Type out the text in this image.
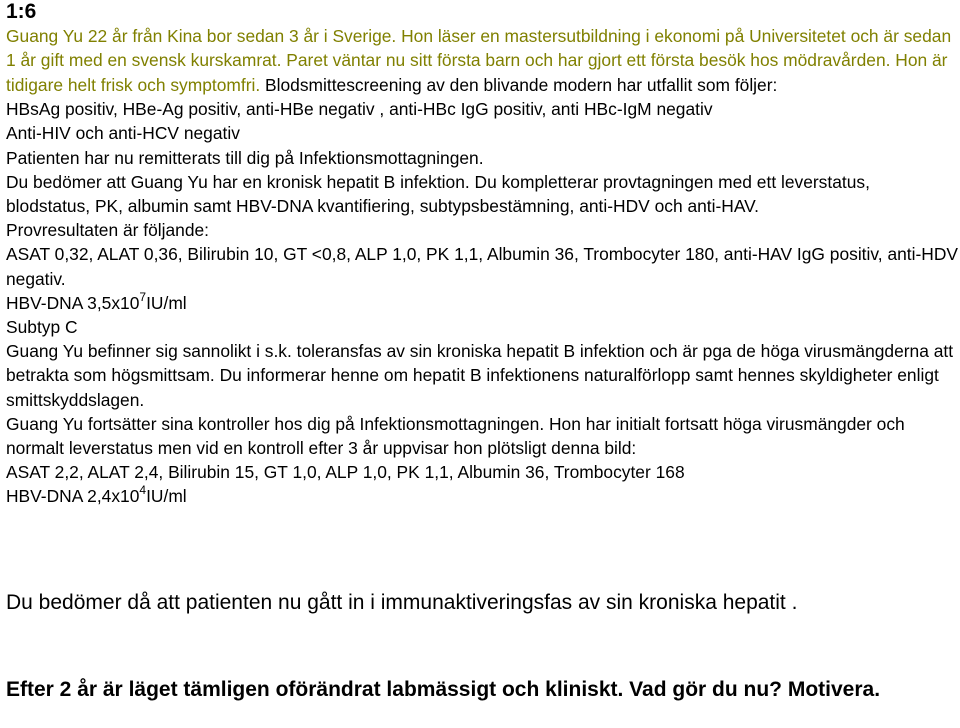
1:6

Guang Yu 22 år från Kina bor sedan 3 år i Sverige. Hon läser en mastersutbildning i ekonomi på Universitetet och är sedan 1 år gift med en svensk kurskamrat. Paret väntar nu sitt första barn och har gjort ett första besök hos mödravården. Hon är tidigare helt frisk och symptomfri. Blodsmittescreening av den blivande modern har utfallit som följer:

HBsAg positiv, HBe-Ag positiv, anti-HBe negativ , anti-HBc IgG positiv, anti HBc-IgM negativ
Anti-HIV och anti-HCV negativ
Patienten har nu remitterats till dig på Infektionsmottagningen.
Du bedömer att Guang Yu har en kronisk hepatit B infektion. Du kompletterar provtagningen med ett leverstatus, blodstatus, PK, albumin samt HBV-DNA kvantifiering, subtypsbestämning, anti-HDV och anti-HAV.
Provresultaten är följande:
ASAT 0,32, ALAT 0,36, Bilirubin 10, GT <0,8, ALP 1,0, PK 1,1, Albumin 36, Trombocyter 180, anti-HAV IgG positiv, anti-HDV negativ.
HBV-DNA $3,5x10^7IU/ml$
Subtyp C
Guang Yu befinner sig sannolikt i s.k. toleransfas av sin kroniska hepatit B infektion och är pga de höga virusmängderna att betrakta som högsmittsam. Du informerar henne om hepatit B infektionens naturalförlopp samt hennes skyldigheter enligt smittskyddslagen.
Guang Yu fortsätter sina kontroller hos dig på Infektionsmottagningen. Hon har initialt fortsatt höga virusmängder och normalt leverstatus men vid en kontroll efter 3 år uppvisar hon plötsligt denna bild:
ASAT 2,2, ALAT 2,4, Bilirubin 15, GT 1,0, ALP 1,0, PK 1,1, Albumin 36, Trombocyter 168
HBV-DNA $2,4x10^4IU/ml$

Du bedömer då att patienten nu gått in i immunaktiveringsfas av sin kroniska hepatit .

Efter 2 år är läget tämligen oförändrat labmässigt och kliniskt. Vad gör du nu? Motivera.
